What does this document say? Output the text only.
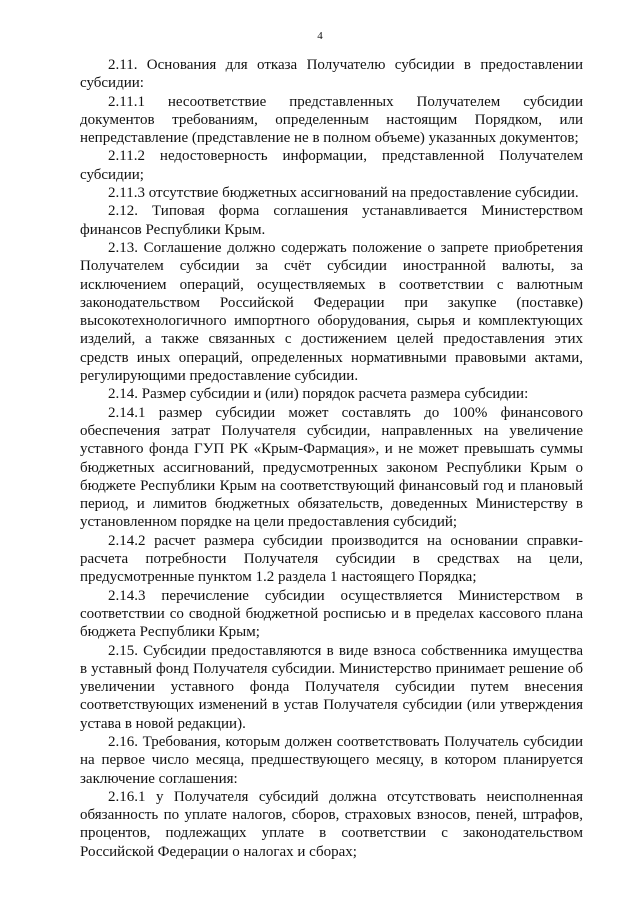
4

2.11. Основания для отказа Получателю субсидии в предоставлении субсидии:

2.11.1 несоответствие представленных Получателем субсидии документов требованиям, определенным настоящим Порядком, или непредставление (представление не в полном объеме) указанных документов;

2.11.2 недостоверность информации, представленной Получателем субсидии;

2.11.3 отсутствие бюджетных ассигнований на предоставление субсидии.

2.12. Типовая форма соглашения устанавливается Министерством финансов Республики Крым.

2.13. Соглашение должно содержать положение о запрете приобретения Получателем субсидии за счёт субсидии иностранной валюты, за исключением операций, осуществляемых в соответствии с валютным законодательством Российской Федерации при закупке (поставке) высокотехнологичного импортного оборудования, сырья и комплектующих изделий, а также связанных с достижением целей предоставления этих средств иных операций, определенных нормативными правовыми актами, регулирующими предоставление субсидии.

2.14. Размер субсидии и (или) порядок расчета размера субсидии:

2.14.1 размер субсидии может составлять до 100% финансового обеспечения затрат Получателя субсидии, направленных на увеличение уставного фонда ГУП РК «Крым-Фармация», и не может превышать суммы бюджетных ассигнований, предусмотренных законом Республики Крым о бюджете Республики Крым на соответствующий финансовый год и плановый период, и лимитов бюджетных обязательств, доведенных Министерству в установленном порядке на цели предоставления субсидий;

2.14.2 расчет размера субсидии производится на основании справки-расчета потребности Получателя субсидии в средствах на цели, предусмотренные пунктом 1.2 раздела 1 настоящего Порядка;

2.14.3 перечисление субсидии осуществляется Министерством в соответствии со сводной бюджетной росписью и в пределах кассового плана бюджета Республики Крым;

2.15. Субсидии предоставляются в виде взноса собственника имущества в уставный фонд Получателя субсидии. Министерство принимает решение об увеличении уставного фонда Получателя субсидии путем внесения соответствующих изменений в устав Получателя субсидии (или утверждения устава в новой редакции).

2.16. Требования, которым должен соответствовать Получатель субсидии на первое число месяца, предшествующего месяцу, в котором планируется заключение соглашения:

2.16.1 у Получателя субсидий должна отсутствовать неисполненная обязанность по уплате налогов, сборов, страховых взносов, пеней, штрафов, процентов, подлежащих уплате в соответствии с законодательством Российской Федерации о налогах и сборах;
